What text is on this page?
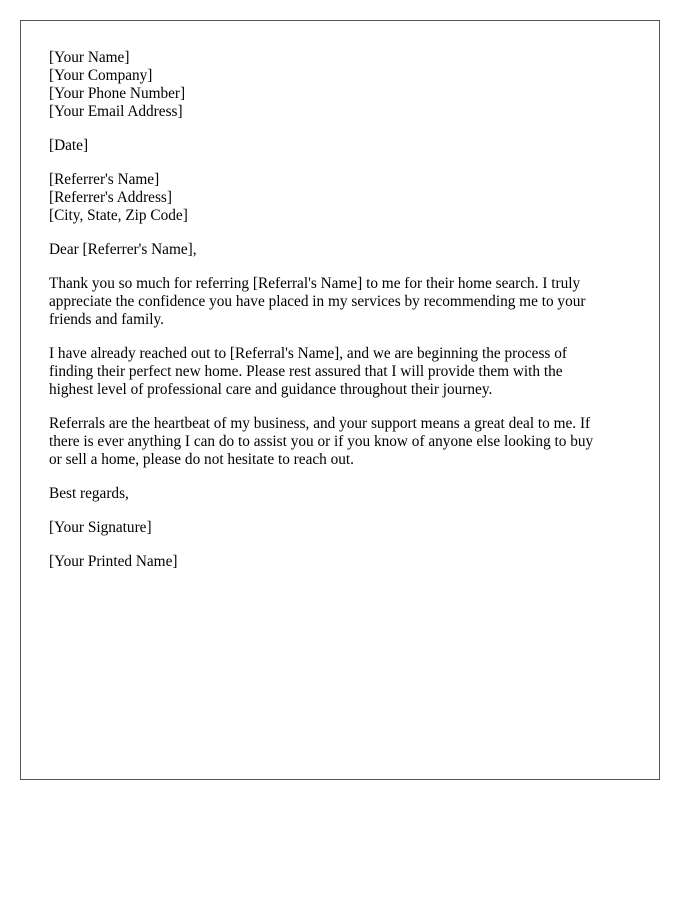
[Your Name]
[Your Company]
[Your Phone Number]
[Your Email Address]
[Date]
[Referrer's Name]
[Referrer's Address]
[City, State, Zip Code]
Dear [Referrer's Name],
Thank you so much for referring [Referral's Name] to me for their home search. I truly
appreciate the confidence you have placed in my services by recommending me to your
friends and family.
I have already reached out to [Referral's Name], and we are beginning the process of
finding their perfect new home. Please rest assured that I will provide them with the
highest level of professional care and guidance throughout their journey.
Referrals are the heartbeat of my business, and your support means a great deal to me. If
there is ever anything I can do to assist you or if you know of anyone else looking to buy
or sell a home, please do not hesitate to reach out.
Best regards,
[Your Signature]
[Your Printed Name]
